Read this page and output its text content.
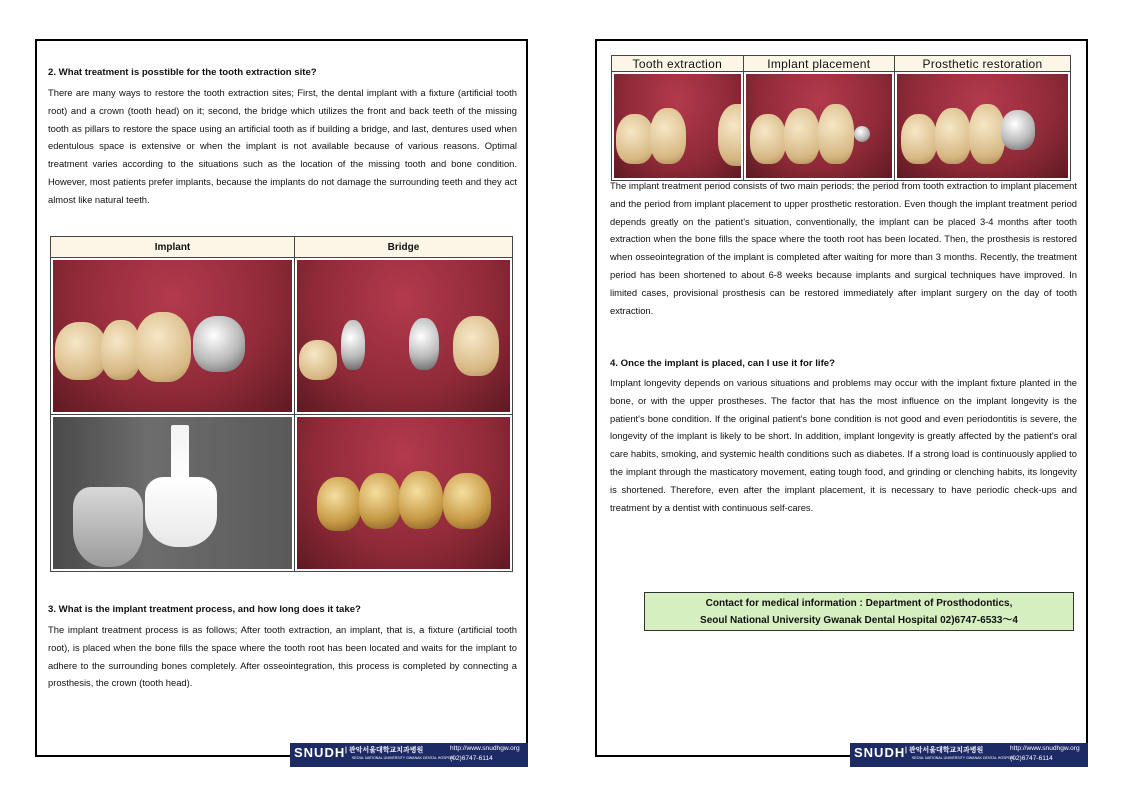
2. What treatment is posstible for the tooth extraction site?
There are many ways to restore the tooth extraction sites; First, the dental implant with a fixture (artificial tooth root) and a crown (tooth head) on it; second, the bridge which utilizes the front and back teeth of the missing tooth as pillars to restore the space using an artificial tooth as if building a bridge, and last, dentures used when edentulous space is extensive or when the implant is not available because of various reasons. Optimal treatment varies according to the situations such as the location of the missing tooth and bone condition. However, most patients prefer implants, because the implants do not damage the surrounding teeth and they act almost like natural teeth.
Implant	Bridge

3. What is the implant treatment process, and how long does it take?
The implant treatment process is as follows; After tooth extraction, an implant, that is, a fixture (artificial tooth root), is placed when the bone fills the space where the tooth root has been located and waits for the implant to adhere to the surrounding bones completely. After osseointegration, this process is completed by connecting a prosthesis, the crown (tooth head).
SNUDH | 관악서울대학교치과병원
SEOUL NATIONAL UNIVERSITY GWANAK DENTAL HOSPITAL
http://www.snudhgw.org
(02)6747-6114
Tooth extraction	Implant placement	Prosthetic restoration

The implant treatment period consists of two main periods; the period from tooth extraction to implant placement and the period from implant placement to upper prosthetic restoration. Even though the implant treatment period depends greatly on the patient's situation, conventionally, the implant can be placed 3-4 months after tooth extraction when the bone fills the space where the tooth root has been located. Then, the prosthesis is restored when osseointegration of the implant is completed after waiting for more than 3 months. Recently, the treatment period has been shortened to about 6-8 weeks because implants and surgical techniques have improved. In limited cases, provisional prosthesis can be restored immediately after implant surgery on the day of tooth extraction.
4. Once the implant is placed, can I use it for life?
Implant longevity depends on various situations and problems may occur with the implant fixture planted in the bone, or with the upper prostheses. The factor that has the most influence on the implant longevity is the patient's bone condition. If the original patient's bone condition is not good and even periodontitis is severe, the longevity of the implant is likely to be short. In addition, implant longevity is greatly affected by the patient's oral care habits, smoking, and systemic health conditions such as diabetes. If a strong load is continuously applied to the implant through the masticatory movement, eating tough food, and grinding or clenching habits, its longevity is shortened. Therefore, even after the implant placement, it is necessary to have periodic check-ups and treatment by a dentist with continuous self-cares.
Contact for medical information : Department of Prosthodontics,
Seoul National University Gwanak Dental Hospital 02)6747-6533～4
SNUDH | 관악서울대학교치과병원
SEOUL NATIONAL UNIVERSITY GWANAK DENTAL HOSPITAL
http://www.snudhgw.org
(02)6747-6114
